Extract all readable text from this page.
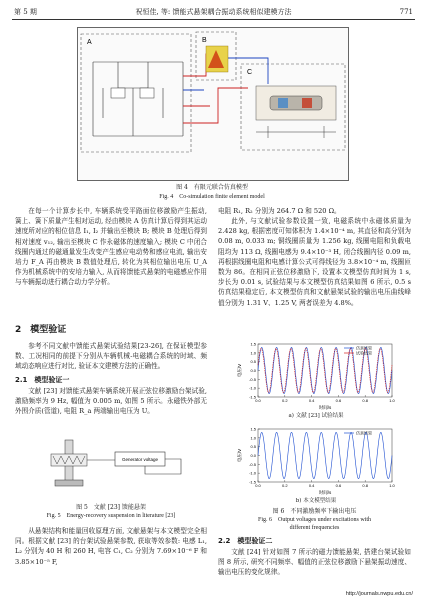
第 5 期	祝恒佳, 等: 馈能式悬架耦合振动系统相似建模方法	771
A	B
C
图 4　有限元联合仿真模型
Fig. 4　Co-simulation finite element model

在每一个计算步长中, 车辆系统受平路面位移激励产生振动, 簧上、簧下质量产生相对运动, 经由模块 A 仿真计算后得到其运动速度所对应的相位信息 I₁, I₂ 并输出至模块 B; 模块 B 处理后得到相对速度 v₁₂, 输出至模块 C 作永磁体的速度输入; 模块 C 中闭合线圈内通过的磁通量发生改变产生感应电动势和感应电流, 输出安培力 F_A 再由模块 B 数值处理后, 转化为其相位输出电压 U_A 作为机械系统中的安培力输入, 从而将馈能式悬架的电磁感应作用与车辆振动进行耦合动力学分析。

2　模型验证

参考不同文献中馈能式悬架试验结果[23-26], 在保证模型参数、工况相同的前提下分别从车辆机械-电磁耦合系统的时域、频域动态响应进行对比, 验证本文建模方法的正确性。

2.1　模型验证一

文献 [23] 对馈能式悬架车辆系统开展正弦位移激励台架试验, 激励频率为 9 Hz, 幅值为 0.005 m, 如图 5 所示。永磁铁外部无外围介质(管道), 电阻 R_a 两端输出电压为 U。

Generator voltage
图 5　文献 [23] 馈能悬架
Fig. 5　Energy-recovery suspension in literature [23]

从悬架结构和能量回收原理方面, 文献悬架与本文模型完全相同。根据文献 [23] 的台架试验悬架参数, 获取等效参数: 电感 L₁, L₂ 分别为 40 H 和 260 H, 电容 C₁, C₂ 分别为 7.69×10⁻⁶ F 和 3.85×10⁻⁵ F,

电阻 R₁, R₂ 分别为 264.7 Ω 和 520 Ω。

此外, 与文献试验参数设置一致, 电磁系统中永磁体质量为 2.428 kg, 根据密度可知体积为 1.4×10⁻⁴ m, 其直径和高分别为 0.08 m, 0.033 m; 铜线圈质量为 1.256 kg, 线圈电阻和负载电阻均为 113 Ω, 线圈电感为 9.4×10⁻³ H, 闭合线圈内径 0.09 m, 再根据线圈电阻和电感计算公式可得线径为 3.8×10⁻⁴ m, 线圈匝数为 86。在相同正弦位移激励下, 设置本文模型仿真时间为 1 s, 步长为 0.01 s, 试验结果与本文模型仿真结果如图 6 所示, 0.5 s 仿真结果稳定后, 本文模型仿真和文献悬架试验的输出电压曲线峰值分别为 1.31 V、1.25 V, 两者误差为 4.8%。

-1.5
-1.0
-0.5
0.0
0.5
1.0
1.5
0.0	0.2	0.4	0.6	0.8	1.0
电压/V
时间/s
仿真结果
试验结果
a) 文献 [23] 试验结果
-1.5
-1.0
-0.5
0.0
0.5
1.0
1.5
0.0	0.2	0.4	0.6	0.8	1.0
电压/V
时间/s
仿真结果
b) 本文模型结果
图 6　不同激励频率下输出电压
Fig. 6　Output voltages under excitations with
different frequencies
2.2　模型验证二

文献 [24] 针对如图 7 所示的磁力馈能悬架, 搭建台架试验如图 8 所示, 研究不同频率、幅值的正弦位移激励下悬架振动速度、输出电压的变化规律。

http://journals.nwpu.edu.cn/
